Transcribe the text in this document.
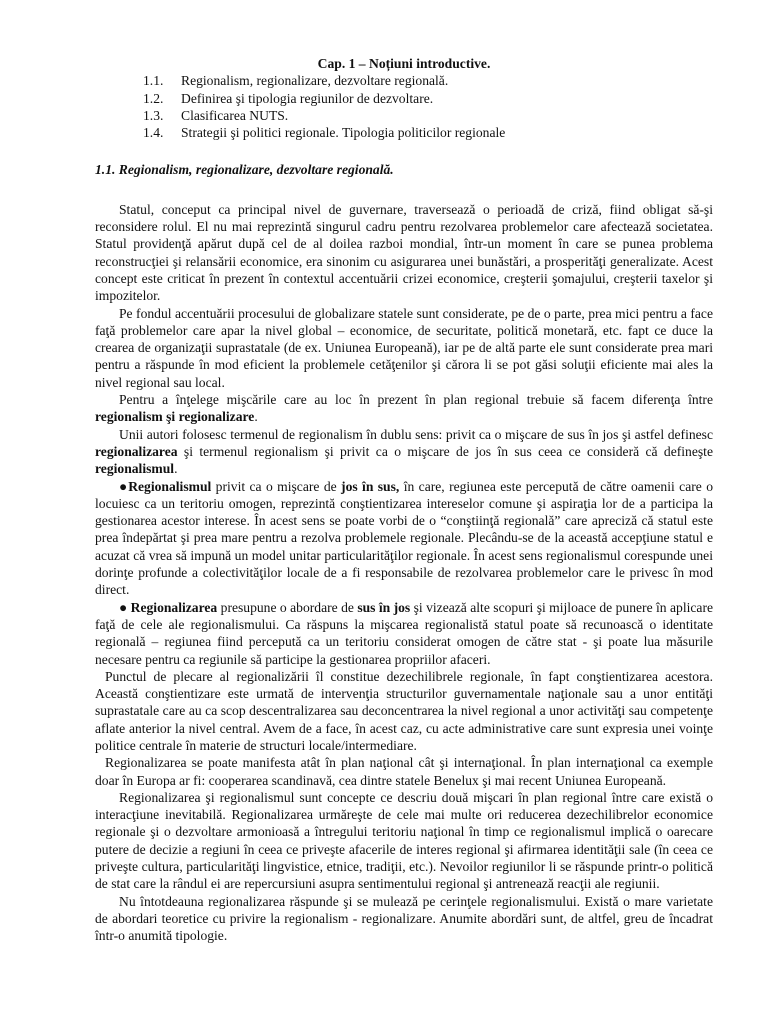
Cap. 1 – Noțiuni introductive.
1.1.	Regionalism, regionalizare, dezvoltare regională.
1.2.	Definirea şi tipologia regiunilor de dezvoltare.
1.3.	Clasificarea NUTS.
1.4.	Strategii şi politici regionale. Tipologia politicilor regionale
1.1. Regionalism, regionalizare, dezvoltare regională.

Statul, conceput ca principal nivel de guvernare, traversează o perioadă de criză, fiind obligat să-şi reconsidere rolul. El nu mai reprezintă singurul cadru pentru rezolvarea problemelor care afectează societatea. Statul providenţă apărut după cel de al doilea razboi mondial, într-un moment în care se punea problema reconstrucţiei şi relansării economice, era sinonim cu asigurarea unei bunăstări, a prosperităţi generalizate. Acest concept este criticat în prezent în contextul accentuării crizei economice, creşterii şomajului, creşterii taxelor şi impozitelor.

Pe fondul accentuării procesului de globalizare statele sunt considerate, pe de o parte, prea mici pentru a face faţă problemelor care apar la nivel global – economice, de securitate, politică monetară, etc. fapt ce duce la crearea de organizaţii suprastatale (de ex. Uniunea Europeană), iar pe de altă parte ele sunt considerate prea mari pentru a răspunde în mod eficient la problemele cetăţenilor şi cărora li se pot găsi soluţii eficiente mai ales la nivel regional sau local.

Pentru a înţelege mişcările care au loc în prezent în plan regional trebuie să facem diferenţa între regionalism şi regionalizare.

Unii autori folosesc termenul de regionalism în dublu sens: privit ca o mişcare de sus în jos şi astfel definesc regionalizarea şi termenul regionalism şi privit ca o mişcare de jos în sus ceea ce consideră că defineşte regionalismul.

●Regionalismul privit ca o mişcare de jos în sus, în care, regiunea este percepută de către oamenii care o locuiesc ca un teritoriu omogen, reprezintă conştientizarea intereselor comune şi aspiraţia lor de a participa la gestionarea acestor interese. În acest sens se poate vorbi de o “conştiinţă regională” care apreciză că statul este prea îndepărtat şi prea mare pentru a rezolva problemele regionale. Plecându-se de la această accepţiune statul e acuzat că vrea să impună un model unitar particularităţilor regionale. În acest sens regionalismul corespunde unei dorinţe profunde a colectivităţilor locale de a fi responsabile de rezolvarea problemelor care le privesc în mod direct.

● Regionalizarea presupune o abordare de sus în jos şi vizează alte scopuri şi mijloace de punere în aplicare faţă de cele ale regionalismului. Ca răspuns la mişcarea regionalistă statul poate să recunoască o identitate regională – regiunea fiind percepută ca un teritoriu considerat omogen de către stat - şi poate lua măsurile necesare pentru ca regiunile să participe la gestionarea propriilor afaceri.

Punctul de plecare al regionalizării îl constitue dezechilibrele regionale, în fapt conştientizarea acestora. Această conştientizare este urmată de intervenţia structurilor guvernamentale naţionale sau a unor entităţi suprastatale care au ca scop descentralizarea sau deconcentrarea la nivel regional a unor activităţi sau competenţe aflate anterior la nivel central. Avem de a face, în acest caz, cu acte administrative care sunt expresia unei voinţe politice centrale în materie de structuri locale/intermediare.

Regionalizarea se poate manifesta atât în plan naţional cât şi internaţional. În plan internaţional ca exemple doar în Europa ar fi: cooperarea scandinavă, cea dintre statele Benelux şi mai recent Uniunea Europeană.

Regionalizarea şi regionalismul sunt concepte ce descriu două mişcari în plan regional între care există o interacţiune inevitabilă. Regionalizarea urmăreşte de cele mai multe ori reducerea dezechilibrelor economice regionale şi o dezvoltare armonioasă a întregului teritoriu naţional în timp ce regionalismul implică o oarecare putere de decizie a regiuni în ceea ce priveşte afacerile de interes regional şi afirmarea identităţii sale (în ceea ce priveşte cultura, particularităţi lingvistice, etnice, tradiţii, etc.). Nevoilor regiunilor li se răspunde printr-o politică de stat care la rândul ei are repercursiuni asupra sentimentului regional şi antrenează reacţii ale regiunii.

Nu întotdeauna regionalizarea răspunde şi se mulează pe cerinţele regionalismului. Există o mare varietate de abordari teoretice cu privire la regionalism - regionalizare. Anumite abordări sunt, de altfel, greu de încadrat într-o anumită tipologie.
